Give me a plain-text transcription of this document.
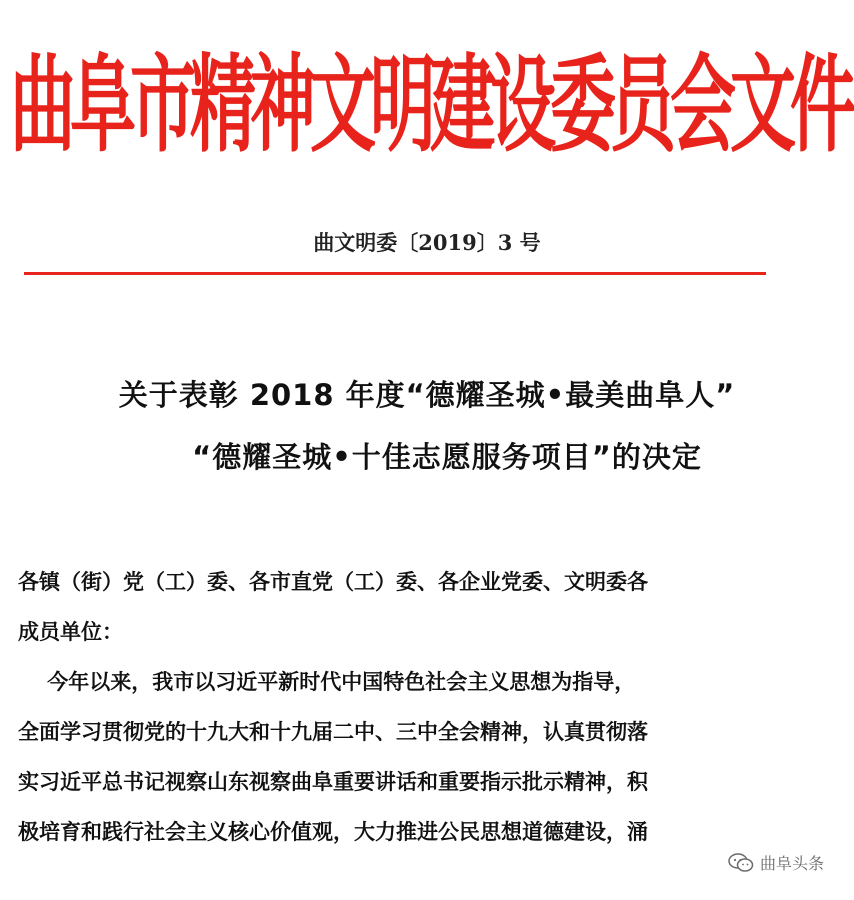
曲阜市精神文明建设委员会文件
曲文明委〔2019〕3 号
关于表彰 2018 年度“德耀圣城•最美曲阜人”
“德耀圣城•十佳志愿服务项目”的决定
各镇（街）党（工）委、各市直党（工）委、各企业党委、文明委各
成员单位：
今年以来，我市以习近平新时代中国特色社会主义思想为指导，
全面学习贯彻党的十九大和十九届二中、三中全会精神，认真贯彻落
实习近平总书记视察山东视察曲阜重要讲话和重要指示批示精神，积
极培育和践行社会主义核心价值观，大力推进公民思想道德建设，涌
曲阜头条
